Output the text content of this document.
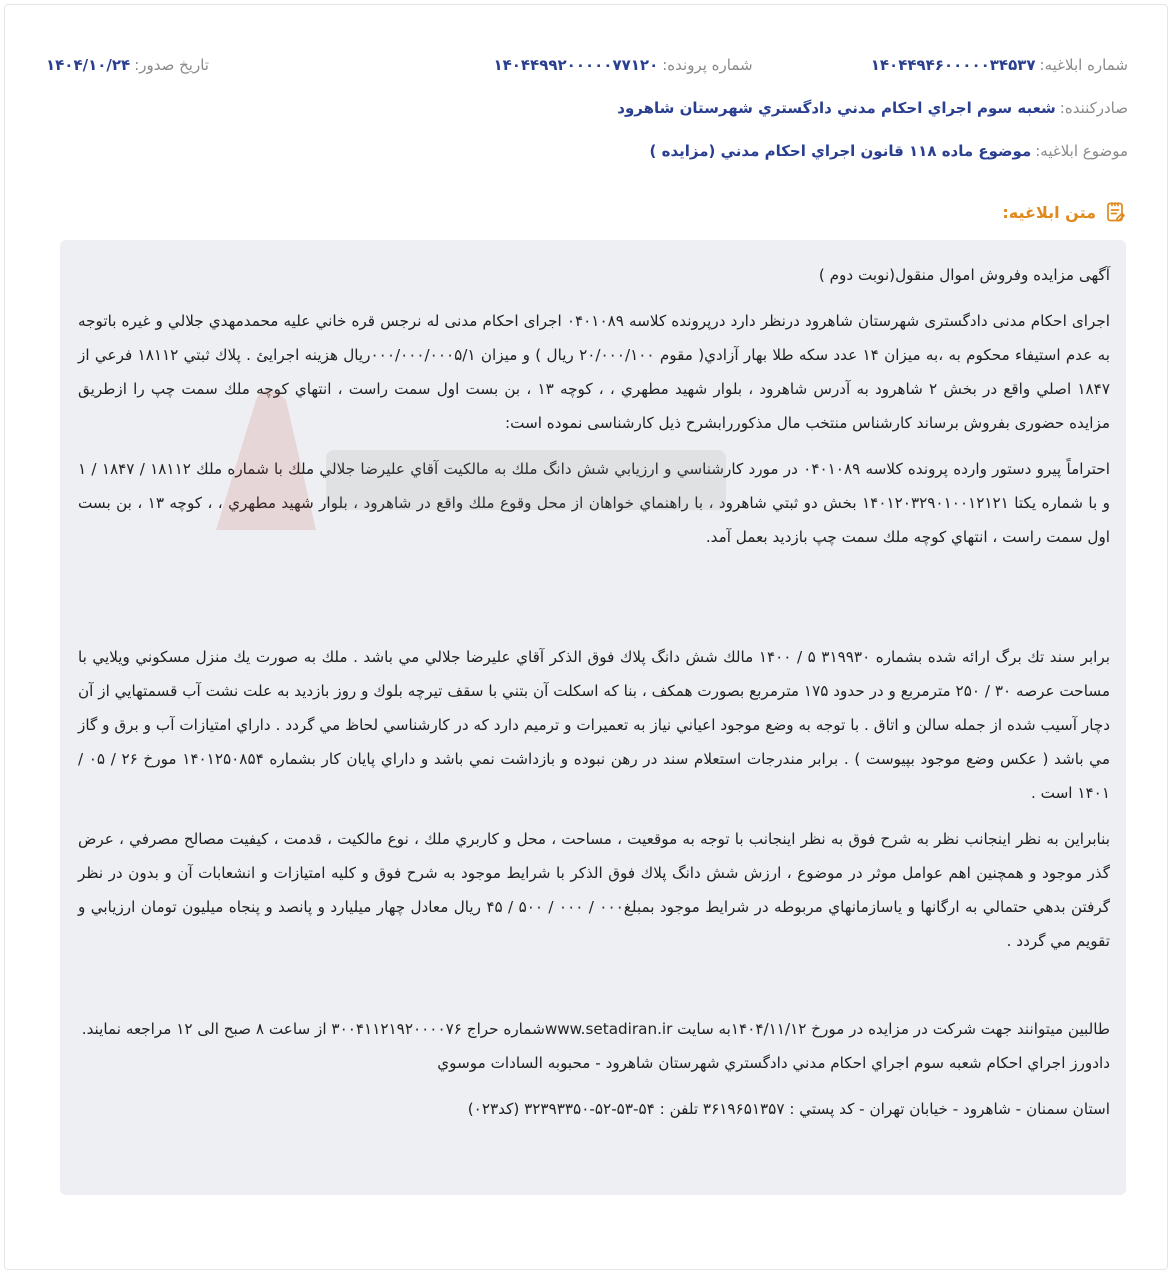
شماره ابلاغیه:
۱۴۰۴۴۹۴۶۰۰۰۰۰۳۴۵۳۷
شماره پرونده:
۱۴۰۴۴۹۹۲۰۰۰۰۰۷۷۱۲۰
تاریخ صدور:
۱۴۰۴/۱۰/۲۴
صادرکننده:
شعبه سوم اجراي احكام مدني دادگستري شهرستان شاهرود
موضوع ابلاغیه:
موضوع ماده ۱۱۸ قانون اجراي احكام مدني (مزايده )
متن ابلاغیه:

آگهی مزایده وفروش اموال منقول(نوبت دوم )

اجرای احکام مدنی دادگستری شهرستان شاهرود درنظر دارد درپرونده کلاسه ۰۴۰۱۰۸۹ اجرای احکام مدنی له نرجس قره خاني عليه محمدمهدي جلالي و غيره باتوجه به عدم استیفاء محکوم به ،به میزان ۱۴ عدد سكه طلا بهار آزادي( مقوم ۲۰/۰۰۰/۱۰۰ ریال ) و میزان ۰۰۰/۰۰۰/۰۰۰۵/۱ریال هزینه اجرایئ . پلاك ثبتي ۱۸۱۱۲ فرعي از ۱۸۴۷ اصلي واقع در بخش ۲ شاهرود به آدرس شاهرود ، بلوار شهيد مطهري ، ، كوچه ۱۳ ، بن بست اول سمت راست ، انتهاي كوچه ملك سمت چپ را ازطریق مزایده حضوری بفروش برساند کارشناس منتخب مال مذکوررابشرح ذیل کارشناسی نموده است:

احتراماً پيرو دستور وارده پرونده كلاسه ۰۴۰۱۰۸۹ در مورد كارشناسي و ارزيابي شش دانگ ملك به مالكيت آقاي عليرضا جلالي ملك با شماره ملك ۱۸۱۱۲ / ۱۸۴۷ / ۱ و با شماره يكتا ۱۴۰۱۲۰۳۲۹۰۱۰۰۱۲۱۲۱ بخش دو ثبتي شاهرود ، با راهنماي خواهان از محل وقوع ملك واقع در شاهرود ، بلوار شهيد مطهري ، ، كوچه ۱۳ ، بن بست اول سمت راست ، انتهاي كوچه ملك سمت چپ بازديد بعمل آمد.

برابر سند تك برگ ارائه شده بشماره ۳۱۹۹۳۰ ۵ / ۱۴۰۰ مالك شش دانگ پلاك فوق الذكر آقاي عليرضا جلالي مي باشد . ملك به صورت يك منزل مسكوني ويلايي با مساحت عرصه ۳۰ / ۲۵۰ مترمربع و در حدود ۱۷۵ مترمربع بصورت همكف ، بنا كه اسكلت آن بتني با سقف تيرچه بلوك و روز بازديد به علت نشت آب قسمتهايي از آن دچار آسيب شده از جمله سالن و اتاق . با توجه به وضع موجود اعياني نياز به تعميرات و ترميم دارد كه در كارشناسي لحاظ مي گردد . داراي امتيازات آب و برق و گاز مي باشد ( عكس وضع موجود بپيوست ) . برابر مندرجات استعلام سند در رهن نبوده و بازداشت نمي باشد و داراي پايان كار بشماره ۱۴۰۱۲۵۰۸۵۴ مورخ ۲۶ / ۰۵ / ۱۴۰۱ است .

بنابراين به نظر اينجانب نظر به شرح فوق به نظر اينجانب با توجه به موقعيت ، مساحت ، محل و كاربري ملك ، نوع مالكيت ، قدمت ، كيفيت مصالح مصرفي ، عرض گذر موجود و همچنين اهم عوامل موثر در موضوع ، ارزش شش دانگ پلاك فوق الذكر با شرايط موجود به شرح فوق و كليه امتيازات و انشعابات آن و بدون در نظر گرفتن بدهي حتمالي به ارگانها و ياسازمانهاي مربوطه در شرايط موجود بمبلغ۰۰۰ / ۰۰۰ / ۵۰۰ / ۴۵ ريال معادل چهار ميليارد و پانصد و پنجاه ميليون تومان ارزيابي و تقويم مي گردد .

طالبین میتوانند جهت شرکت در مزایده در مورخ ۱۴۰۴/۱۱/۱۲به سایت www.setadiran.irشماره حراج ۳۰۰۴۱۱۲۱۹۲۰۰۰۰۷۶ از ساعت ۸ صبح الی ۱۲ مراجعه نمایند.

دادورز اجراي احكام شعبه سوم اجراي احكام مدني دادگستري شهرستان شاهرود - محبوبه السادات موسوي

استان سمنان - شاهرود - خيابان تهران - كد پستي : ۳۶۱۹۶۵۱۳۵۷ تلفن : ۵۴-۵۳-۵۲-۳۲۳۹۳۳۵۰ (كد۰۲۳)
